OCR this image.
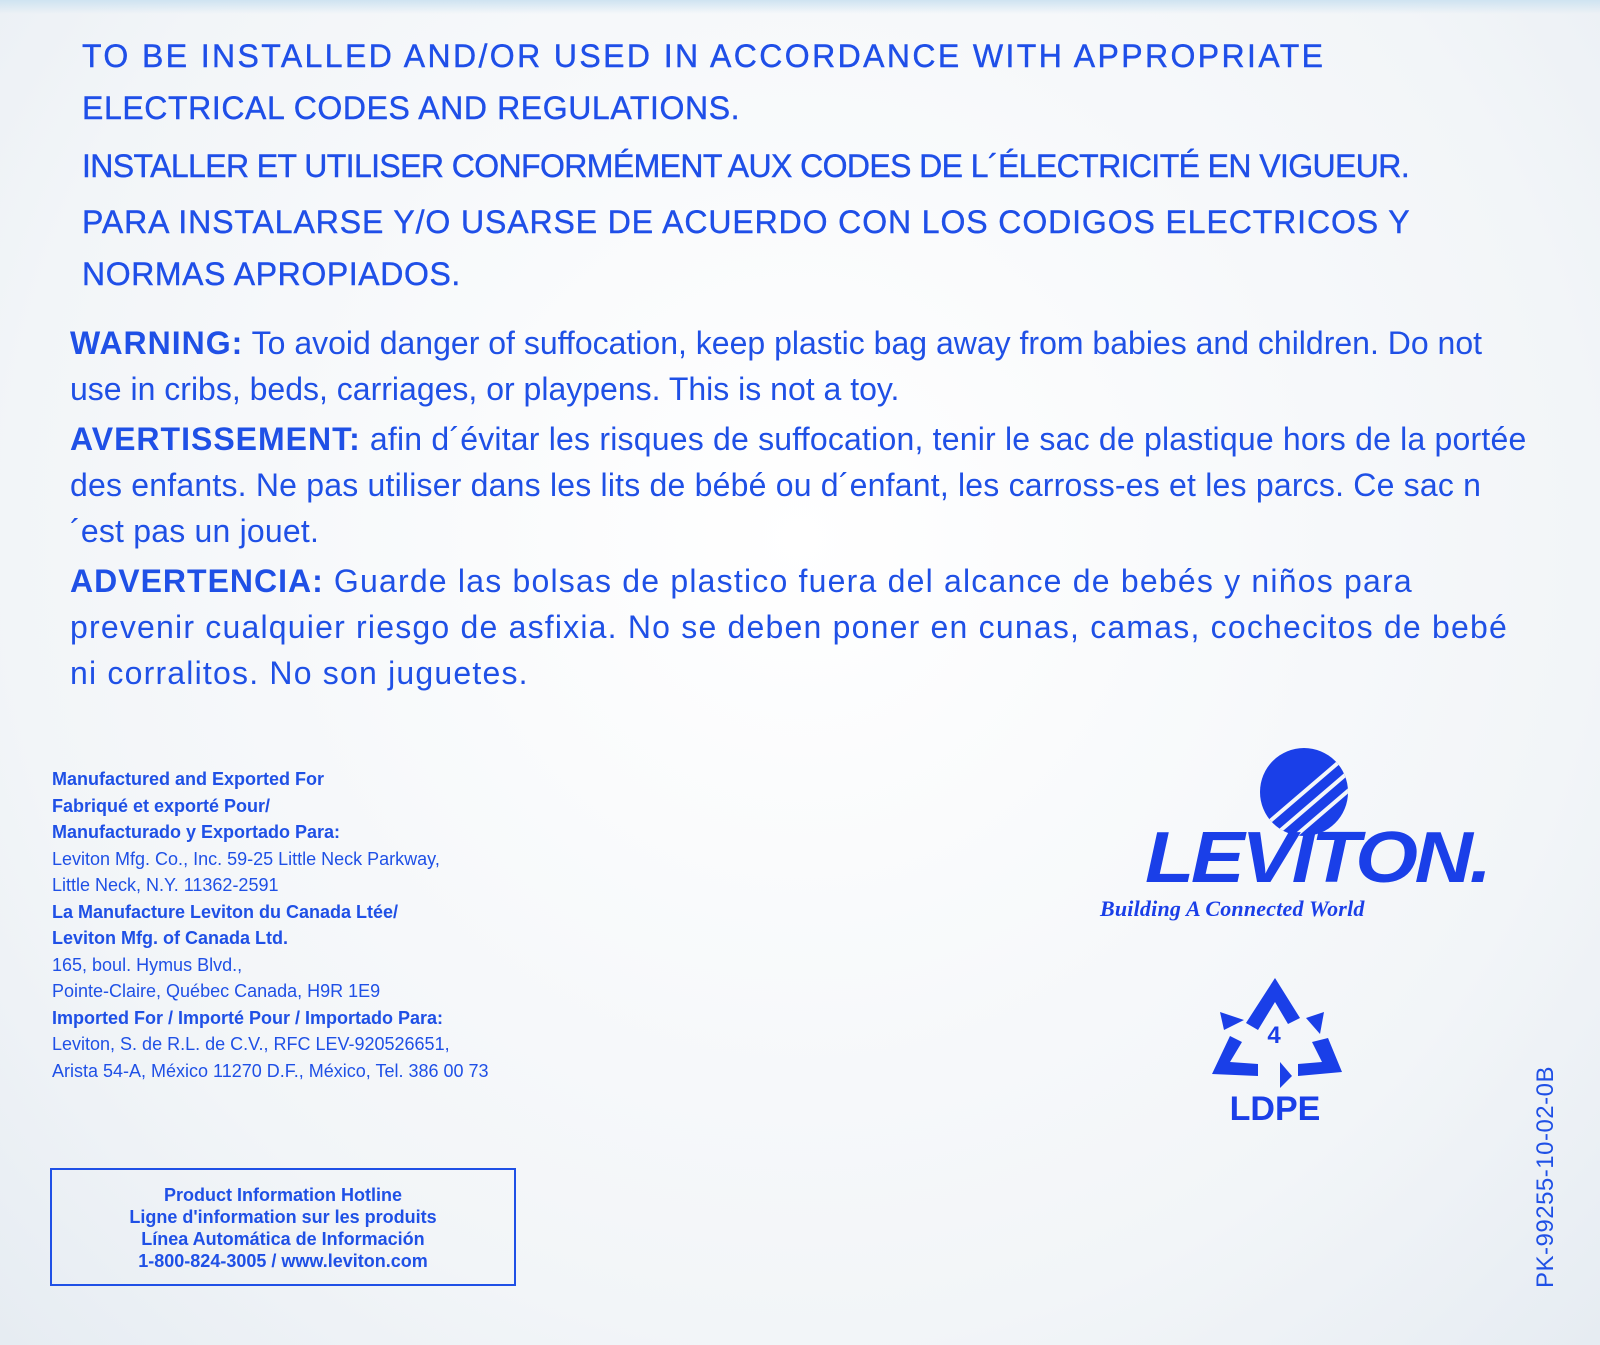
TO BE INSTALLED AND/OR USED IN ACCORDANCE WITH APPROPRIATE
ELECTRICAL CODES AND REGULATIONS.
INSTALLER ET UTILISER CONFORMÉMENT AUX CODES DE L´ÉLECTRICITÉ EN VIGUEUR.
PARA INSTALARSE Y/O USARSE DE ACUERDO CON LOS CODIGOS ELECTRICOS Y
NORMAS APROPIADOS.

WARNING: To avoid danger of suffocation, keep plastic bag away from babies and children. Do not use in cribs, beds, carriages, or playpens. This is not a toy.

AVERTISSEMENT: afin d´évitar les risques de suffocation, tenir le sac de plastique hors de la portée des enfants. Ne pas utiliser dans les lits de bébé ou d´enfant, les carross-es et les parcs. Ce sac n´est pas un jouet.

ADVERTENCIA: Guarde las bolsas de plastico fuera del alcance de bebés y niños para prevenir cualquier riesgo de asfixia. No se deben poner en cunas, camas, cochecitos de bebé ni corralitos. No son juguetes.

Manufactured and Exported For
Fabriqué et exporté Pour/
Manufacturado y Exportado Para:
Leviton Mfg. Co., Inc. 59-25 Little Neck Parkway,
Little Neck, N.Y. 11362-2591
La Manufacture Leviton du Canada Ltée/
Leviton Mfg. of Canada Ltd.
165, boul. Hymus Blvd.,
Pointe-Claire, Québec Canada, H9R 1E9
Imported For / Importé Pour / Importado Para:
Leviton, S. de R.L. de C.V., RFC LEV-920526651,
Arista 54-A, México 11270 D.F., México, Tel. 386 00 73
Product Information Hotline
Ligne d'information sur les produits
Línea Automática de Información
1-800-824-3005 / www.leviton.com
LEVITON.
Building A Connected World
4
LDPE	PK-99255-10-02-0B
